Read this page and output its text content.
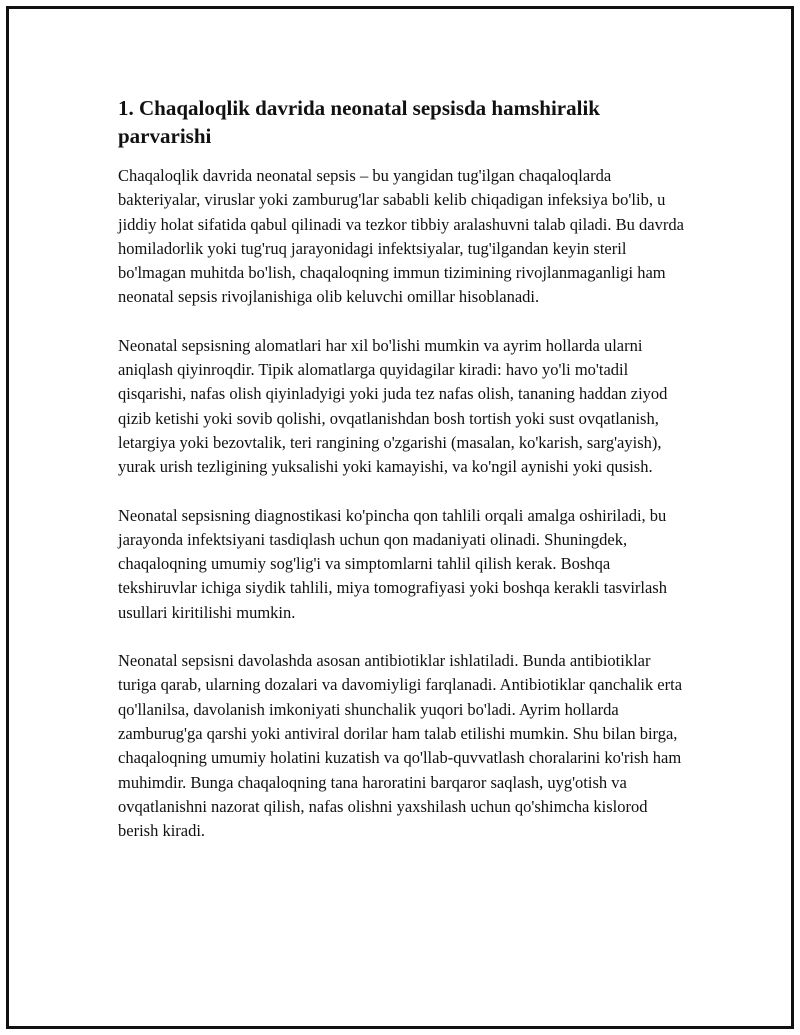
1. Chaqaloqlik davrida neonatal sepsisda hamshiralik parvarishi

Chaqaloqlik davrida neonatal sepsis – bu yangidan tug'ilgan chaqaloqlarda bakteriyalar, viruslar yoki zamburug'lar sababli kelib chiqadigan infeksiya bo'lib, u jiddiy holat sifatida qabul qilinadi va tezkor tibbiy aralashuvni talab qiladi. Bu davrda homiladorlik yoki tug'ruq jarayonidagi infektsiyalar, tug'ilgandan keyin steril bo'lmagan muhitda bo'lish, chaqaloqning immun tizimining rivojlanmaganligi ham neonatal sepsis rivojlanishiga olib keluvchi omillar hisoblanadi.

Neonatal sepsisning alomatlari har xil bo'lishi mumkin va ayrim hollarda ularni aniqlash qiyinroqdir. Tipik alomatlarga quyidagilar kiradi: havo yo'li mo'tadil qisqarishi, nafas olish qiyinladyigi yoki juda tez nafas olish, tananing haddan ziyod qizib ketishi yoki sovib qolishi, ovqatlanishdan bosh tortish yoki sust ovqatlanish, letargiya yoki bezovtalik, teri rangining o'zgarishi (masalan, ko'karish, sarg'ayish), yurak urish tezligining yuksalishi yoki kamayishi, va ko'ngil aynishi yoki qusish.

Neonatal sepsisning diagnostikasi ko'pincha qon tahlili orqali amalga oshiriladi, bu jarayonda infektsiyani tasdiqlash uchun qon madaniyati olinadi. Shuningdek, chaqaloqning umumiy sog'lig'i va simptomlarni tahlil qilish kerak. Boshqa tekshiruvlar ichiga siydik tahlili, miya tomografiyasi yoki boshqa kerakli tasvirlash usullari kiritilishi mumkin.

Neonatal sepsisni davolashda asosan antibiotiklar ishlatiladi. Bunda antibiotiklar turiga qarab, ularning dozalari va davomiyligi farqlanadi. Antibiotiklar qanchalik erta qo'llanilsa, davolanish imkoniyati shunchalik yuqori bo'ladi. Ayrim hollarda zamburug'ga qarshi yoki antiviral dorilar ham talab etilishi mumkin. Shu bilan birga, chaqaloqning umumiy holatini kuzatish va qo'llab-quvvatlash choralarini ko'rish ham muhimdir. Bunga chaqaloqning tana haroratini barqaror saqlash, uyg'otish va ovqatlanishni nazorat qilish, nafas olishni yaxshilash uchun qo'shimcha kislorod berish kiradi.
